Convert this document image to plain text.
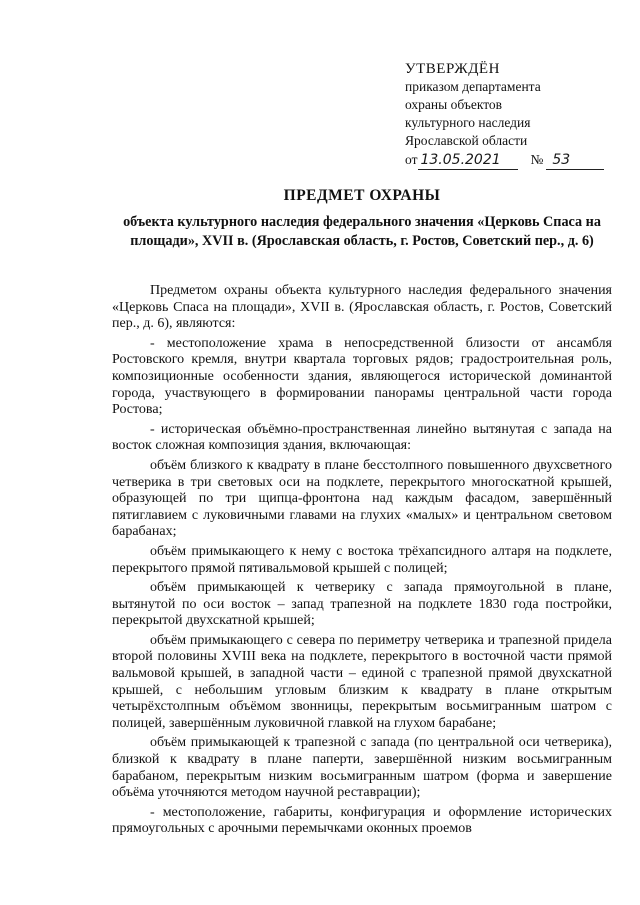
УТВЕРЖДЁН
приказом департамента
охраны объектов
культурного наследия
Ярославской области
от 13.05.2021	№ 53
ПРЕДМЕТ ОХРАНЫ
объекта культурного наследия федерального значения «Церковь Спаса на площади», XVII в. (Ярославская область, г. Ростов, Советский пер., д. 6)

Предметом охраны объекта культурного наследия федерального значения «Церковь Спаса на площади», XVII в. (Ярославская область, г. Ростов, Советский пер., д. 6), являются:

- местоположение храма в непосредственной близости от ансамбля Ростовского кремля, внутри квартала торговых рядов; градостроительная роль, композиционные особенности здания, являющегося исторической доминантой города, участвующего в формировании панорамы центральной части города Ростова;

- историческая объёмно-пространственная линейно вытянутая с запада на восток сложная композиция здания, включающая:

объём близкого к квадрату в плане бесстолпного повышенного двухсветного четверика в три световых оси на подклете, перекрытого многоскатной крышей, образующей по три щипца-фронтона над каждым фасадом, завершённый пятиглавием с луковичными главами на глухих «малых» и центральном световом барабанах;

объём примыкающего к нему с востока трёхапсидного алтаря на подклете, перекрытого прямой пятивальмовой крышей с полицей;

объём примыкающей к четверику с запада прямоугольной в плане, вытянутой по оси восток – запад трапезной на подклете 1830 года постройки, перекрытой двухскатной крышей;

объём примыкающего с севера по периметру четверика и трапезной придела второй половины XVIII века на подклете, перекрытого в восточной части прямой вальмовой крышей, в западной части – единой с трапезной прямой двухскатной крышей, с небольшим угловым близким к квадрату в плане открытым четырёхстолпным объёмом звонницы, перекрытым восьмигранным шатром с полицей, завершённым луковичной главкой на глухом барабане;

объём примыкающей к трапезной с запада (по центральной оси четверика), близкой к квадрату в плане паперти, завершённой низким восьмигранным барабаном, перекрытым низким восьмигранным шатром (форма и завершение объёма уточняются методом научной реставрации);

- местоположение, габариты, конфигурация и оформление исторических прямоугольных с арочными перемычками оконных проемов
